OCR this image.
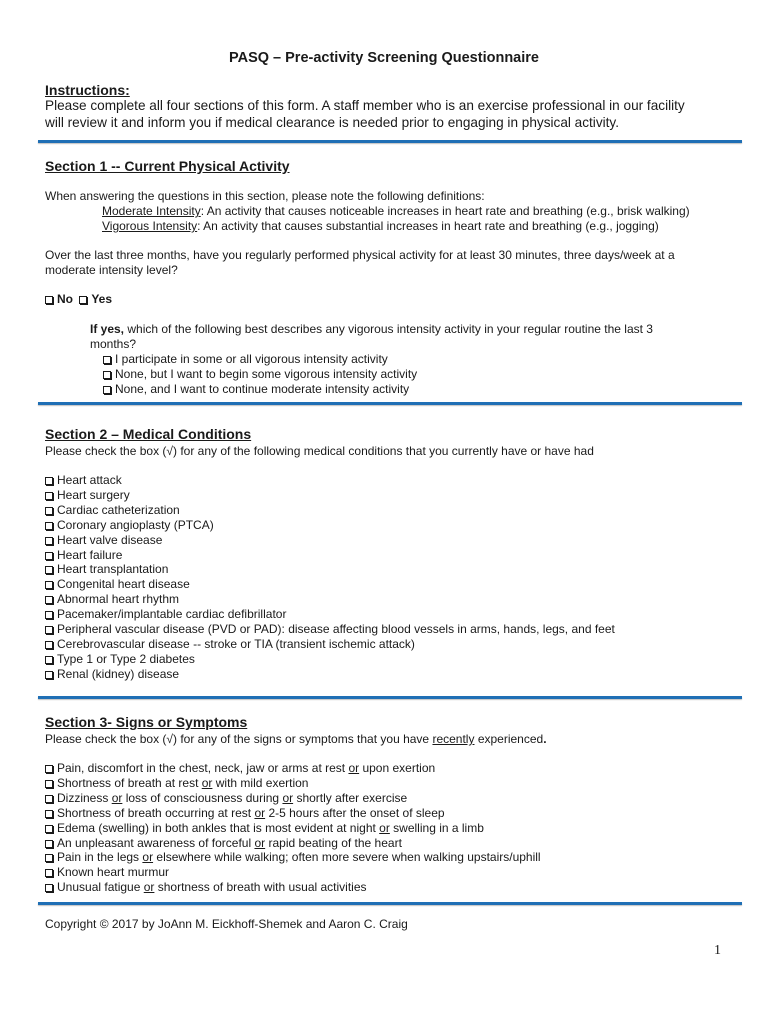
PASQ – Pre-activity Screening Questionnaire
Instructions:
Please complete all four sections of this form. A staff member who is an exercise professional in our facility
will review it and inform you if medical clearance is needed prior to engaging in physical activity.
Section 1 -- Current Physical Activity
When answering the questions in this section, please note the following definitions:
Moderate Intensity: An activity that causes noticeable increases in heart rate and breathing (e.g., brisk walking)
Vigorous Intensity: An activity that causes substantial increases in heart rate and breathing (e.g., jogging)
Over the last three months, have you regularly performed physical activity for at least 30 minutes, three days/week at a
moderate intensity level?
No Yes
If yes, which of the following best describes any vigorous intensity activity in your regular routine the last 3
months?
I participate in some or all vigorous intensity activity
None, but I want to begin some vigorous intensity activity
None, and I want to continue moderate intensity activity
Section 2 – Medical Conditions
Please check the box (√) for any of the following medical conditions that you currently have or have had
Heart attack
Heart surgery
Cardiac catheterization
Coronary angioplasty (PTCA)
Heart valve disease
Heart failure
Heart transplantation
Congenital heart disease
Abnormal heart rhythm
Pacemaker/implantable cardiac defibrillator
Peripheral vascular disease (PVD or PAD): disease affecting blood vessels in arms, hands, legs, and feet
Cerebrovascular disease -- stroke or TIA (transient ischemic attack)
Type 1 or Type 2 diabetes
Renal (kidney) disease
Section 3- Signs or Symptoms
Please check the box (√) for any of the signs or symptoms that you have recently experienced.
Pain, discomfort in the chest, neck, jaw or arms at rest or upon exertion
Shortness of breath at rest or with mild exertion
Dizziness or loss of consciousness during or shortly after exercise
Shortness of breath occurring at rest or 2-5 hours after the onset of sleep
Edema (swelling) in both ankles that is most evident at night or swelling in a limb
An unpleasant awareness of forceful or rapid beating of the heart
Pain in the legs or elsewhere while walking; often more severe when walking upstairs/uphill
Known heart murmur
Unusual fatigue or shortness of breath with usual activities
Copyright © 2017 by JoAnn M. Eickhoff-Shemek and Aaron C. Craig
1
